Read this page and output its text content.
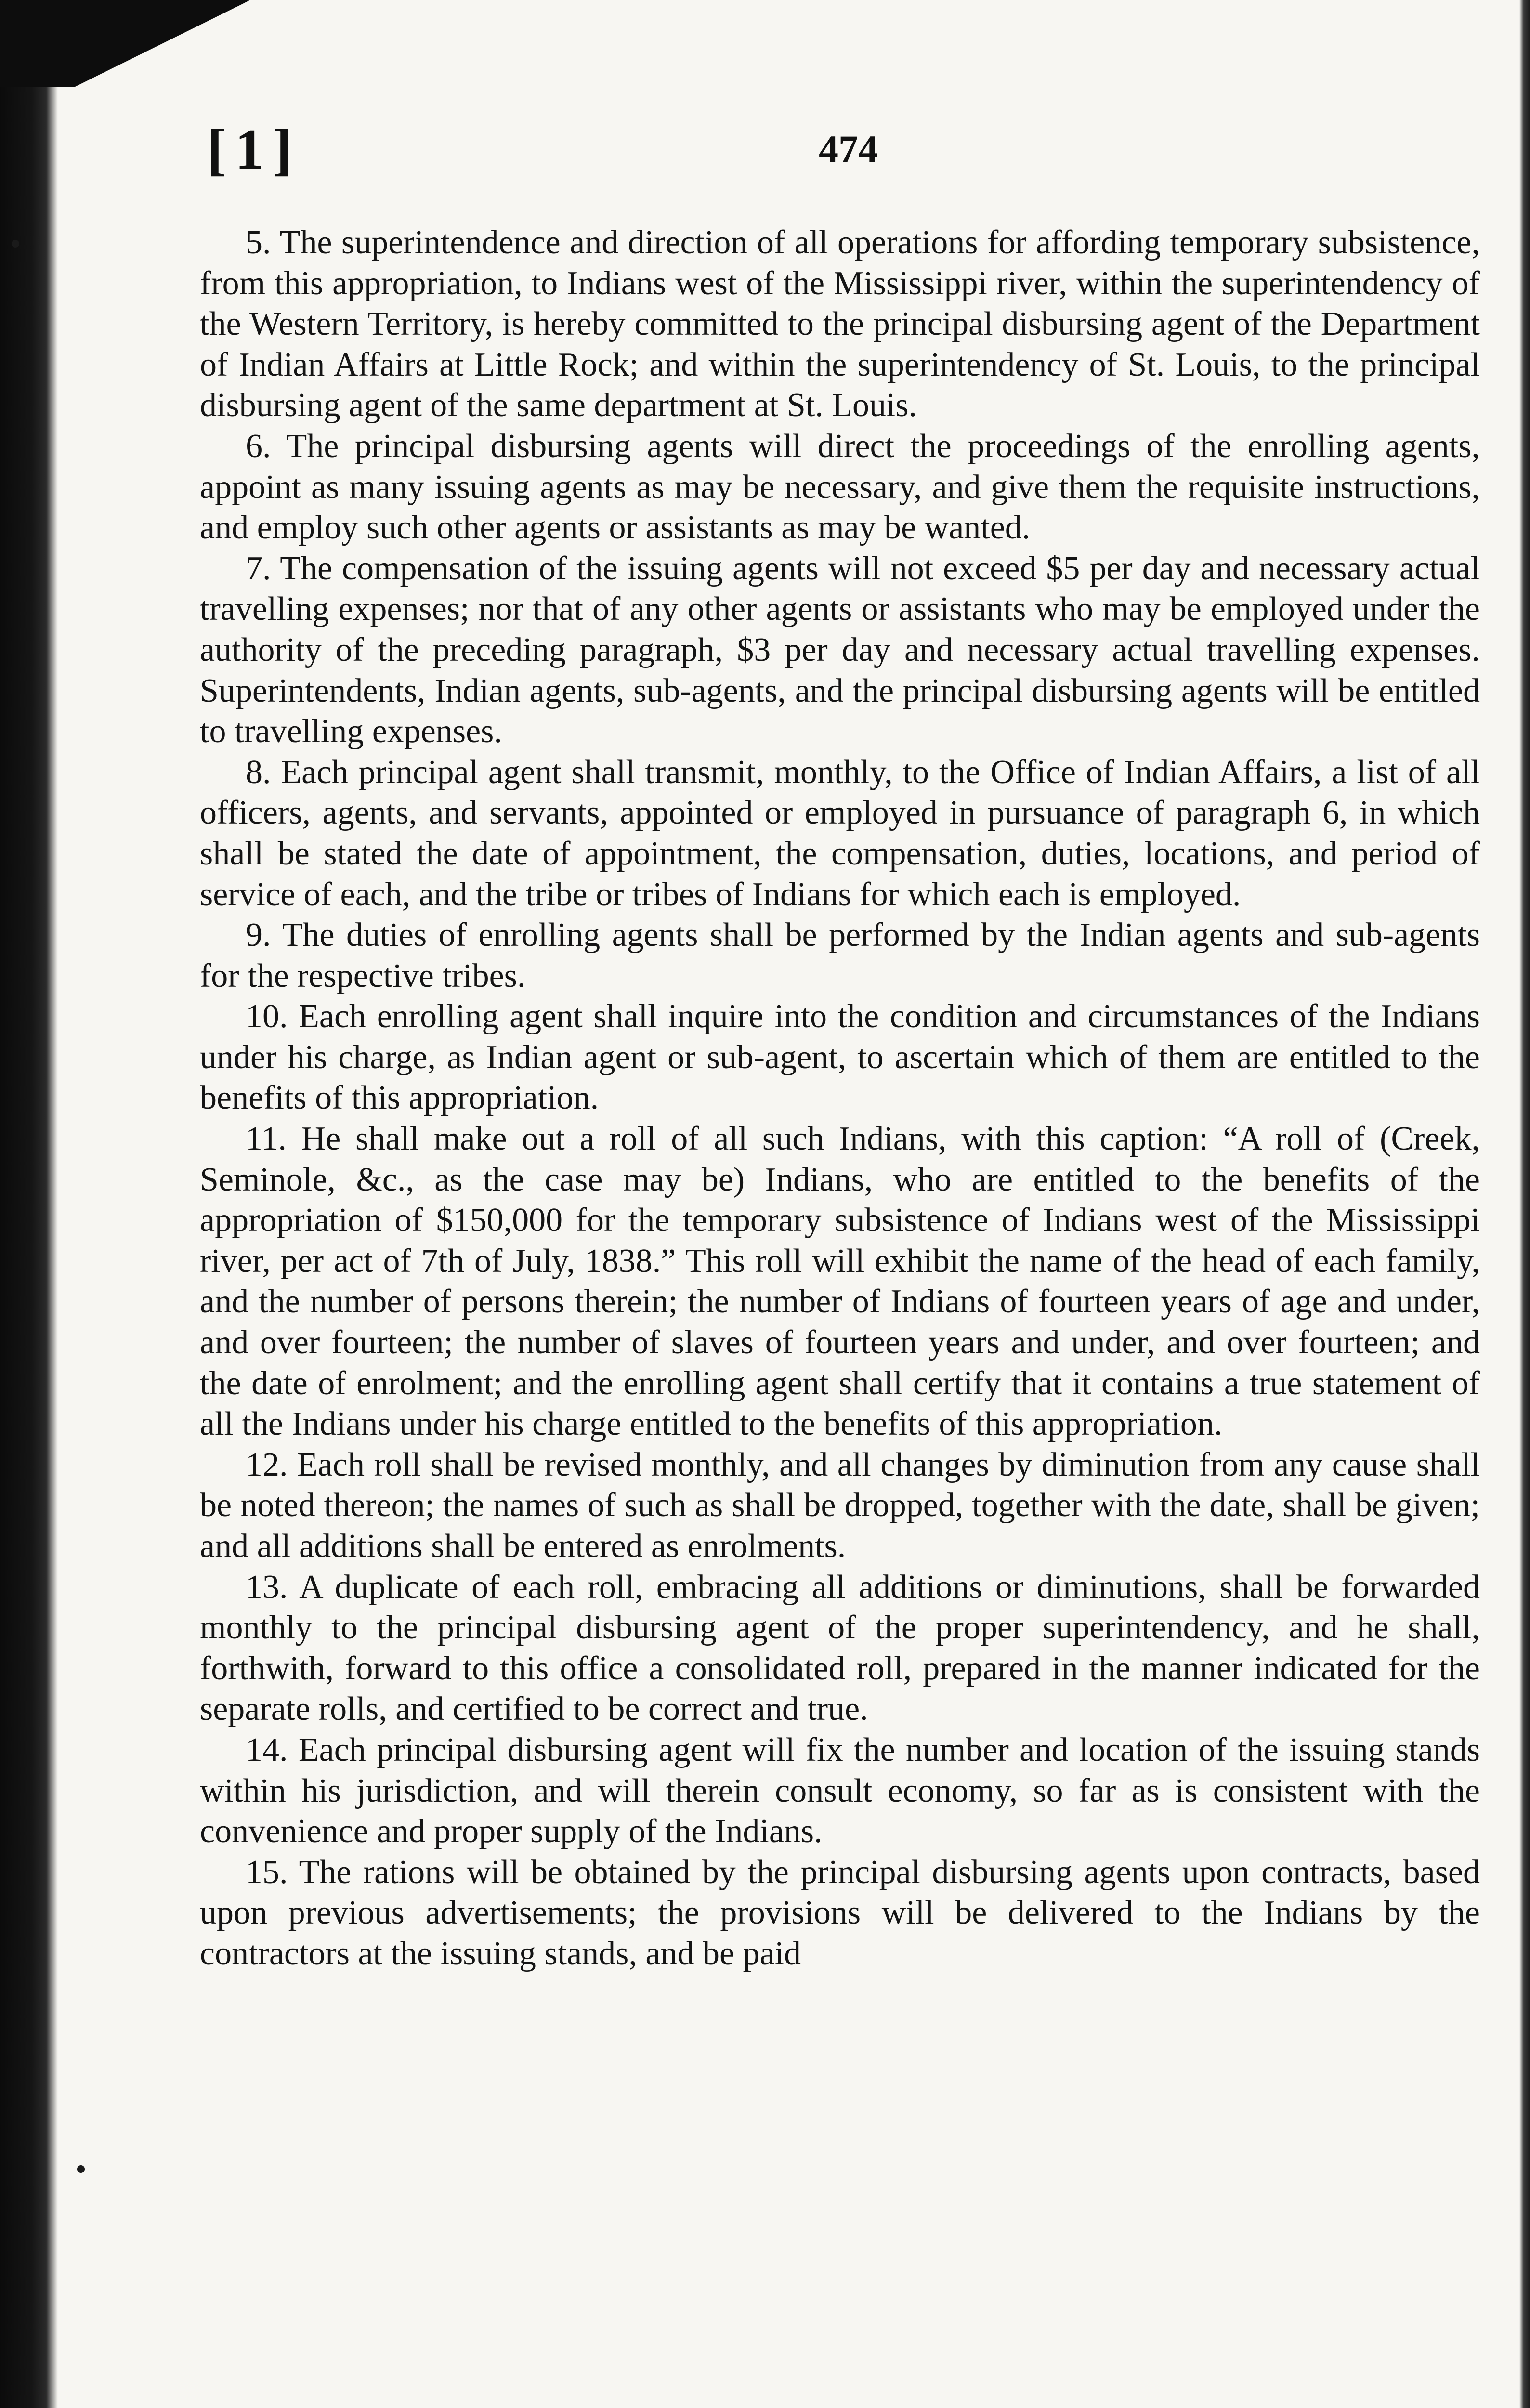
[1]	474

5. The superintendence and direction of all operations for affording temporary subsistence, from this appropriation, to Indians west of the Mississippi river, within the superintendency of the Western Territory, is hereby committed to the principal disbursing agent of the Department of Indian Affairs at Little Rock; and within the superintendency of St. Louis, to the principal disbursing agent of the same department at St. Louis.

6. The principal disbursing agents will direct the proceedings of the enrolling agents, appoint as many issuing agents as may be necessary, and give them the requisite instructions, and employ such other agents or assistants as may be wanted.

7. The compensation of the issuing agents will not exceed $5 per day and necessary actual travelling expenses; nor that of any other agents or assistants who may be employed under the authority of the preceding paragraph, $3 per day and necessary actual travelling expenses. Superintendents, Indian agents, sub-agents, and the principal disbursing agents will be entitled to travelling expenses.

8. Each principal agent shall transmit, monthly, to the Office of Indian Affairs, a list of all officers, agents, and servants, appointed or employed in pursuance of paragraph 6, in which shall be stated the date of appointment, the compensation, duties, locations, and period of service of each, and the tribe or tribes of Indians for which each is employed.

9. The duties of enrolling agents shall be performed by the Indian agents and sub-agents for the respective tribes.

10. Each enrolling agent shall inquire into the condition and circumstances of the Indians under his charge, as Indian agent or sub-agent, to ascertain which of them are entitled to the benefits of this appropriation.

11. He shall make out a roll of all such Indians, with this caption: “A roll of (Creek, Seminole, &c., as the case may be) Indians, who are entitled to the benefits of the appropriation of $150,000 for the temporary subsistence of Indians west of the Mississippi river, per act of 7th of July, 1838.” This roll will exhibit the name of the head of each family, and the number of persons therein; the number of Indians of fourteen years of age and under, and over fourteen; the number of slaves of fourteen years and under, and over fourteen; and the date of enrolment; and the enrolling agent shall certify that it contains a true statement of all the Indians under his charge entitled to the benefits of this appropriation.

12. Each roll shall be revised monthly, and all changes by diminution from any cause shall be noted thereon; the names of such as shall be dropped, together with the date, shall be given; and all additions shall be entered as enrolments.

13. A duplicate of each roll, embracing all additions or diminutions, shall be forwarded monthly to the principal disbursing agent of the proper superintendency, and he shall, forthwith, forward to this office a consolidated roll, prepared in the manner indicated for the separate rolls, and certified to be correct and true.

14. Each principal disbursing agent will fix the number and location of the issuing stands within his jurisdiction, and will therein consult economy, so far as is consistent with the convenience and proper supply of the Indians.

15. The rations will be obtained by the principal disbursing agents upon contracts, based upon previous advertisements; the provisions will be delivered to the Indians by the contractors at the issuing stands, and be paid
